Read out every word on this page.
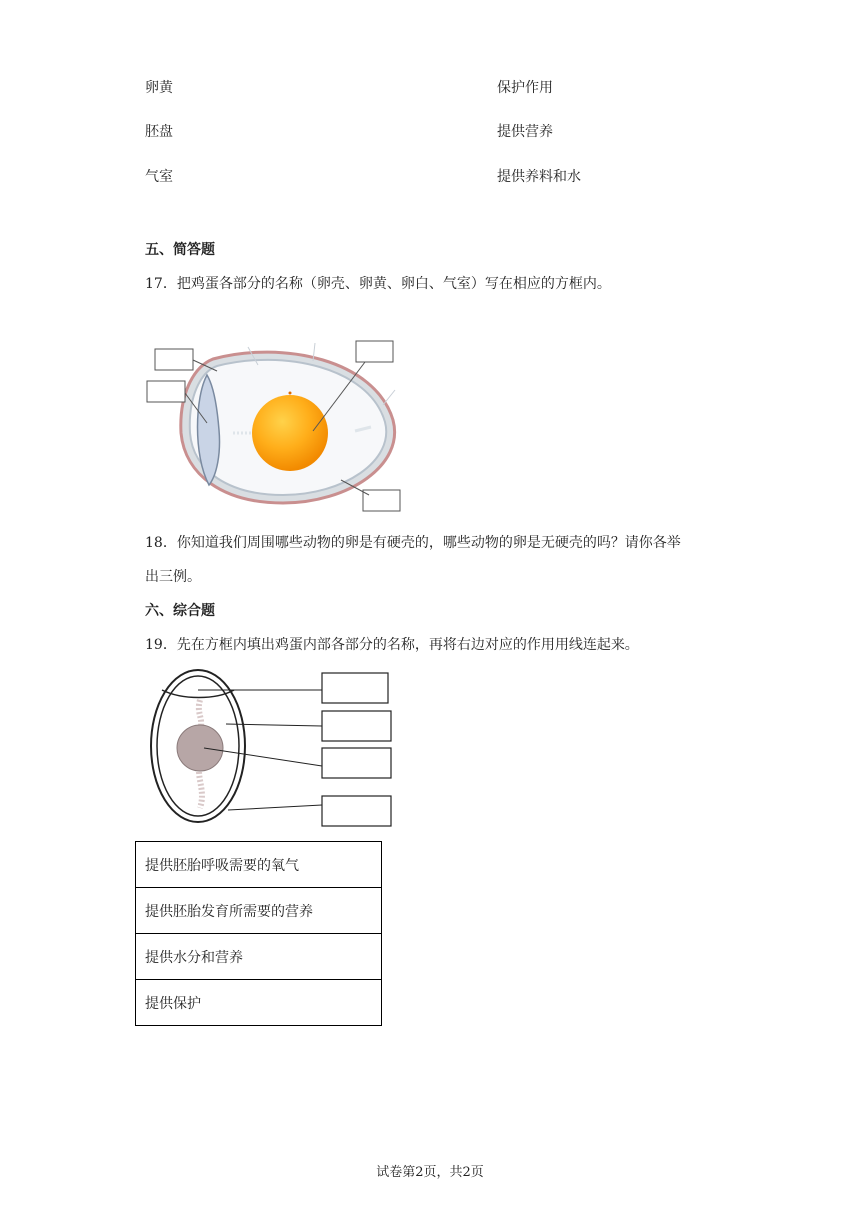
卵黄	保护作用
胚盘	提供营养
气室	提供养料和水
五、简答题
17．把鸡蛋各部分的名称（卵壳、卵黄、卵白、气室）写在相应的方框内。
18．你知道我们周围哪些动物的卵是有硬壳的，哪些动物的卵是无硬壳的吗？请你各举
出三例。
六、综合题
19．先在方框内填出鸡蛋内部各部分的名称，再将右边对应的作用用线连起来。
提供胚胎呼吸需要的氧气
提供胚胎发育所需要的营养
提供水分和营养
提供保护
试卷第2页，共2页
